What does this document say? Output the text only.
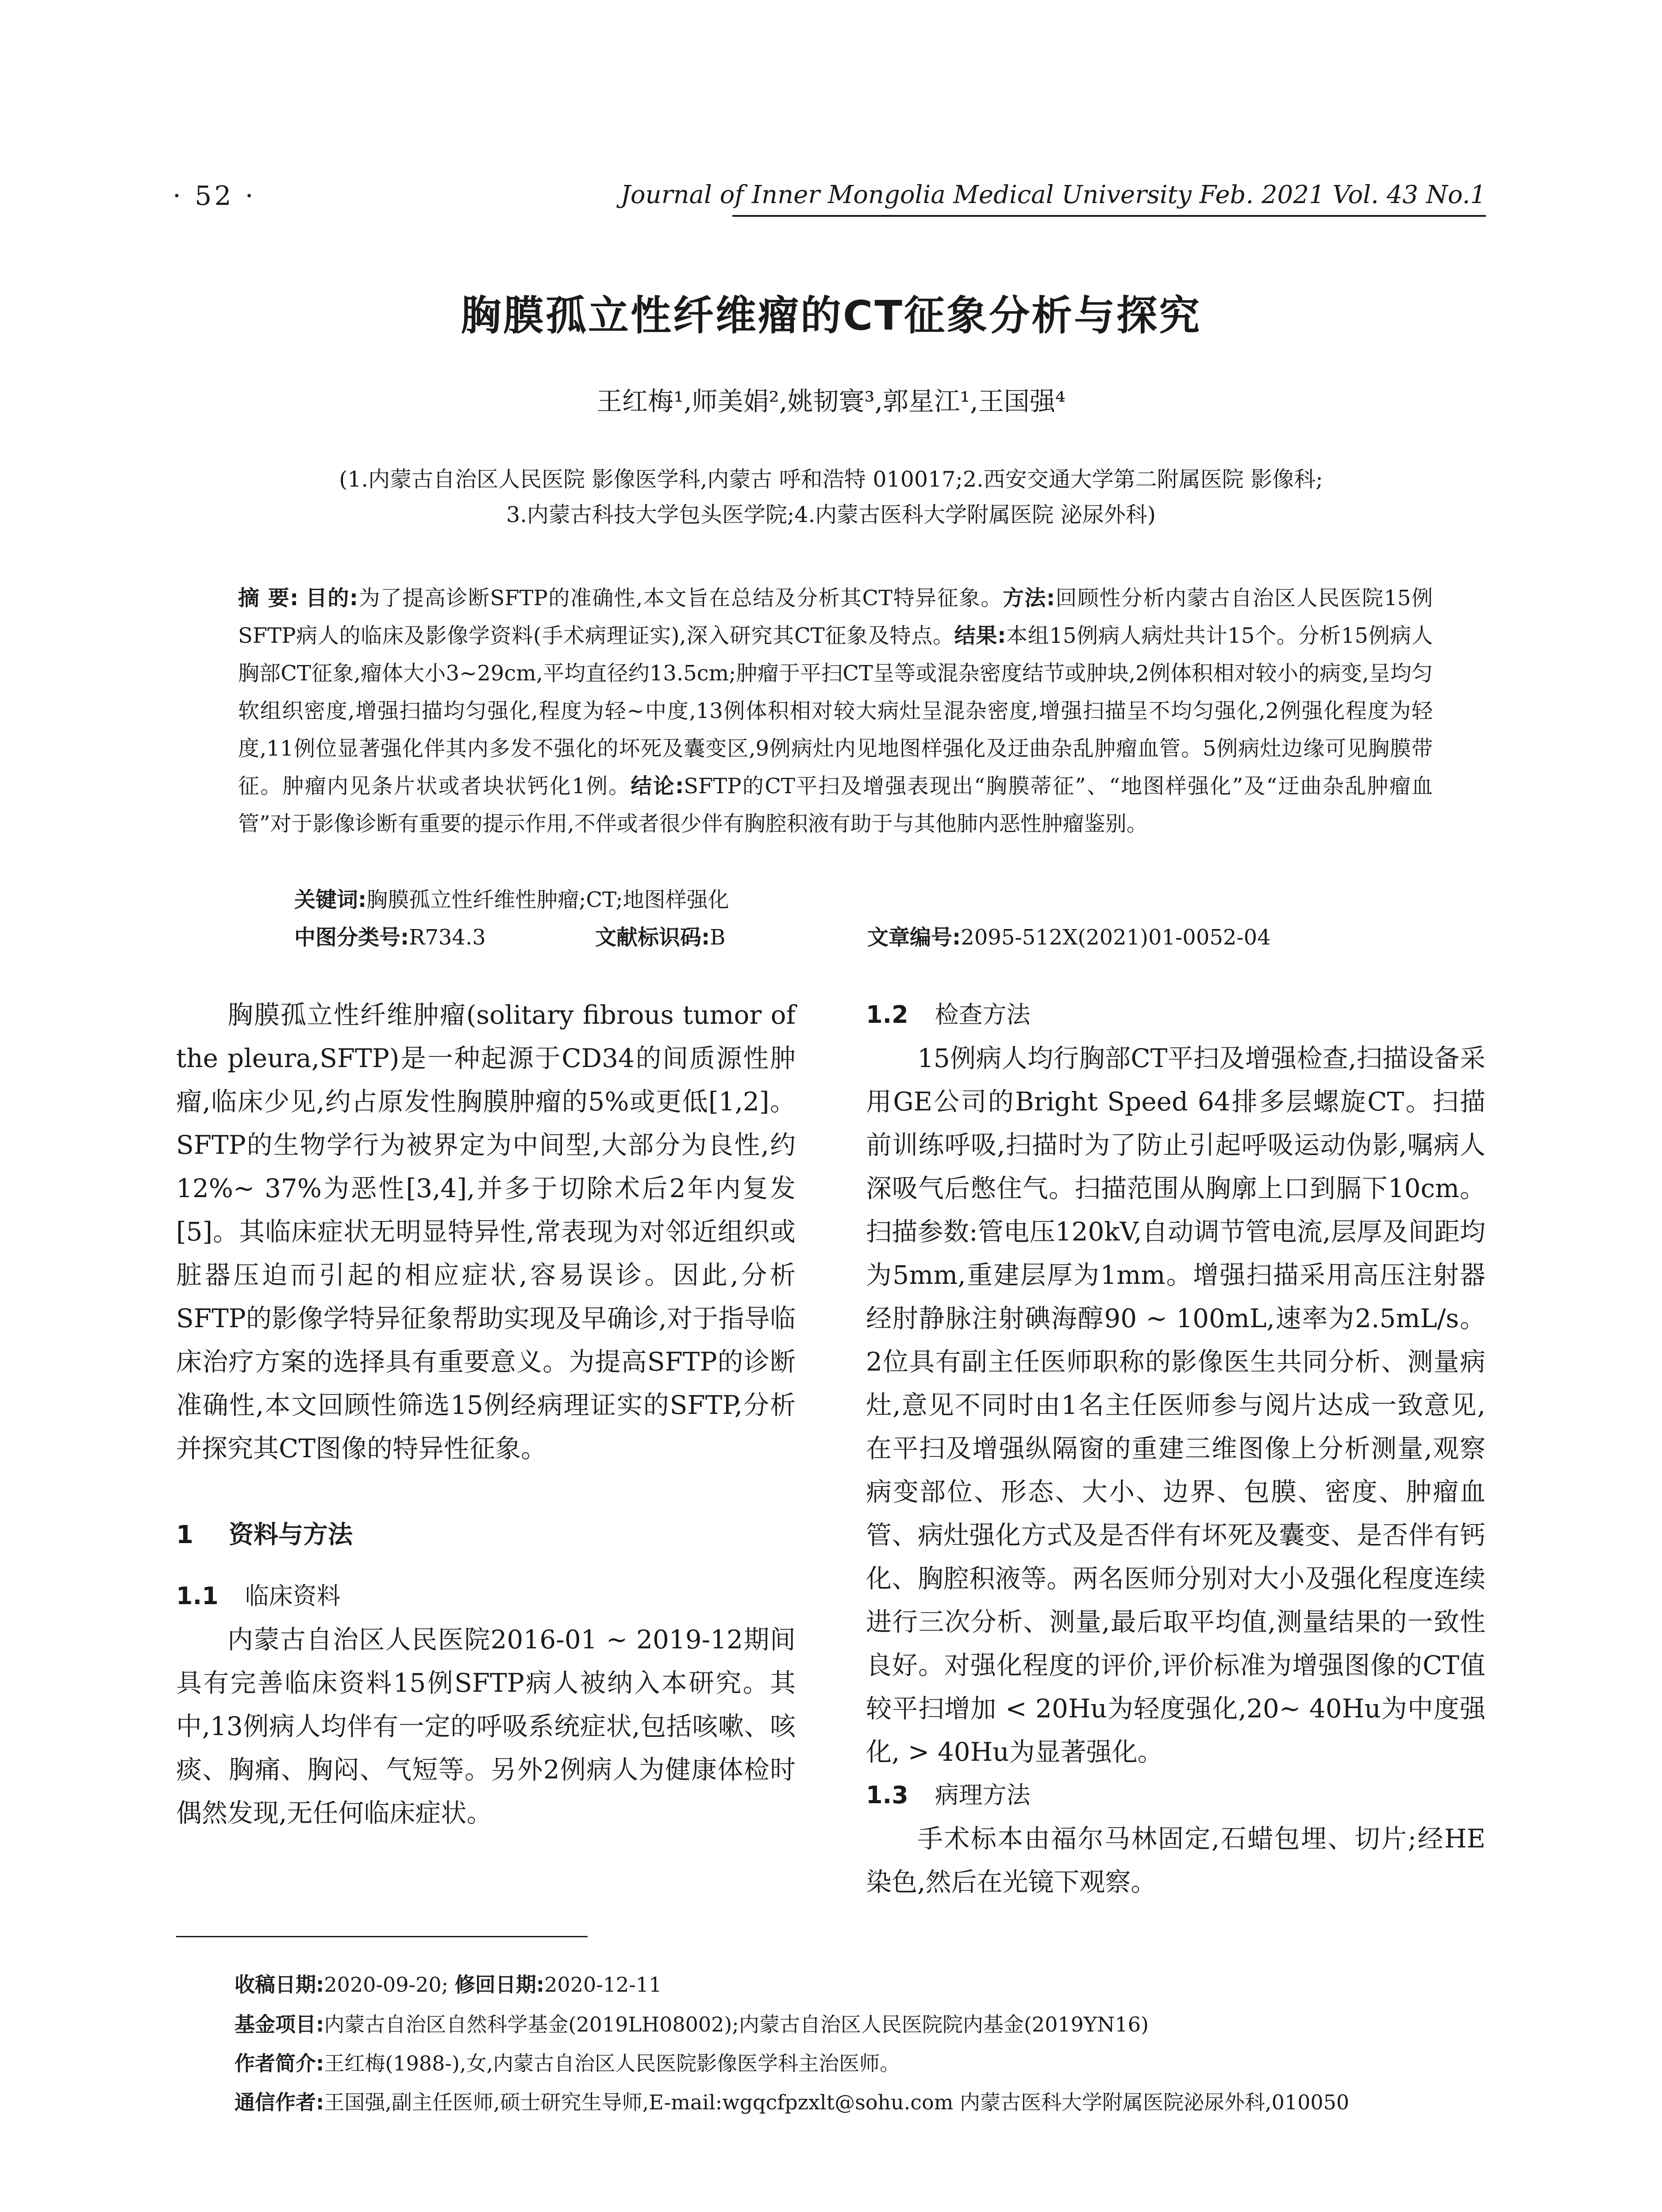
· 52 ·	Journal of Inner Mongolia Medical University Feb. 2021 Vol. 43 No.1
胸膜孤立性纤维瘤的CT征象分析与探究
王红梅¹,师美娟²,姚韧寰³,郭星江¹,王国强⁴
(1.内蒙古自治区人民医院 影像医学科,内蒙古 呼和浩特 010017;2.西安交通大学第二附属医院 影像科;
3.内蒙古科技大学包头医学院;4.内蒙古医科大学附属医院 泌尿外科)
摘 要: 目的:为了提高诊断SFTP的准确性,本文旨在总结及分析其CT特异征象。方法:回顾性分析内蒙古自治区人民医院15例SFTP病人的临床及影像学资料(手术病理证实),深入研究其CT征象及特点。结果:本组15例病人病灶共计15个。分析15例病人胸部CT征象,瘤体大小3~29cm,平均直径约13.5cm;肿瘤于平扫CT呈等或混杂密度结节或肿块,2例体积相对较小的病变,呈均匀软组织密度,增强扫描均匀强化,程度为轻~中度,13例体积相对较大病灶呈混杂密度,增强扫描呈不均匀强化,2例强化程度为轻度,11例位显著强化伴其内多发不强化的坏死及囊变区,9例病灶内见地图样强化及迂曲杂乱肿瘤血管。5例病灶边缘可见胸膜带征。肿瘤内见条片状或者块状钙化1例。结论:SFTP的CT平扫及增强表现出“胸膜蒂征”、“地图样强化”及“迂曲杂乱肿瘤血管”对于影像诊断有重要的提示作用,不伴或者很少伴有胸腔积液有助于与其他肺内恶性肿瘤鉴别。
关键词:胸膜孤立性纤维性肿瘤;CT;地图样强化
中图分类号:R734.3	文献标识码:B	文章编号:2095-512X(2021)01-0052-04

胸膜孤立性纤维肿瘤(solitary fibrous tumor of the pleura,SFTP)是一种起源于CD34的间质源性肿瘤,临床少见,约占原发性胸膜肿瘤的5%或更低[1,2]。SFTP的生物学行为被界定为中间型,大部分为良性,约12%~ 37%为恶性[3,4],并多于切除术后2年内复发[5]。其临床症状无明显特异性,常表现为对邻近组织或脏器压迫而引起的相应症状,容易误诊。因此,分析SFTP的影像学特异征象帮助实现及早确诊,对于指导临床治疗方案的选择具有重要意义。为提高SFTP的诊断准确性,本文回顾性筛选15例经病理证实的SFTP,分析并探究其CT图像的特异性征象。

1 资料与方法
1.1 临床资料

内蒙古自治区人民医院2016-01 ~ 2019-12期间具有完善临床资料15例SFTP病人被纳入本研究。其中,13例病人均伴有一定的呼吸系统症状,包括咳嗽、咳痰、胸痛、胸闷、气短等。另外2例病人为健康体检时偶然发现,无任何临床症状。

1.2 检查方法

15例病人均行胸部CT平扫及增强检查,扫描设备采用GE公司的Bright Speed 64排多层螺旋CT。扫描前训练呼吸,扫描时为了防止引起呼吸运动伪影,嘱病人深吸气后憋住气。扫描范围从胸廓上口到膈下10cm。扫描参数:管电压120kV,自动调节管电流,层厚及间距均为5mm,重建层厚为1mm。增强扫描采用高压注射器经肘静脉注射碘海醇90 ~ 100mL,速率为2.5mL/s。2位具有副主任医师职称的影像医生共同分析、测量病灶,意见不同时由1名主任医师参与阅片达成一致意见,在平扫及增强纵隔窗的重建三维图像上分析测量,观察病变部位、形态、大小、边界、包膜、密度、肿瘤血管、病灶强化方式及是否伴有坏死及囊变、是否伴有钙化、胸腔积液等。两名医师分别对大小及强化程度连续进行三次分析、测量,最后取平均值,测量结果的一致性良好。对强化程度的评价,评价标准为增强图像的CT值较平扫增加 < 20Hu为轻度强化,20~ 40Hu为中度强化, > 40Hu为显著强化。

1.3 病理方法

手术标本由福尔马林固定,石蜡包埋、切片;经HE染色,然后在光镜下观察。

收稿日期:2020-09-20; 修回日期:2020-12-11
基金项目:内蒙古自治区自然科学基金(2019LH08002);内蒙古自治区人民医院院内基金(2019YN16)
作者简介:王红梅(1988-),女,内蒙古自治区人民医院影像医学科主治医师。
通信作者:王国强,副主任医师,硕士研究生导师,E-mail:wgqcfpzxlt@sohu.com 内蒙古医科大学附属医院泌尿外科,010050
